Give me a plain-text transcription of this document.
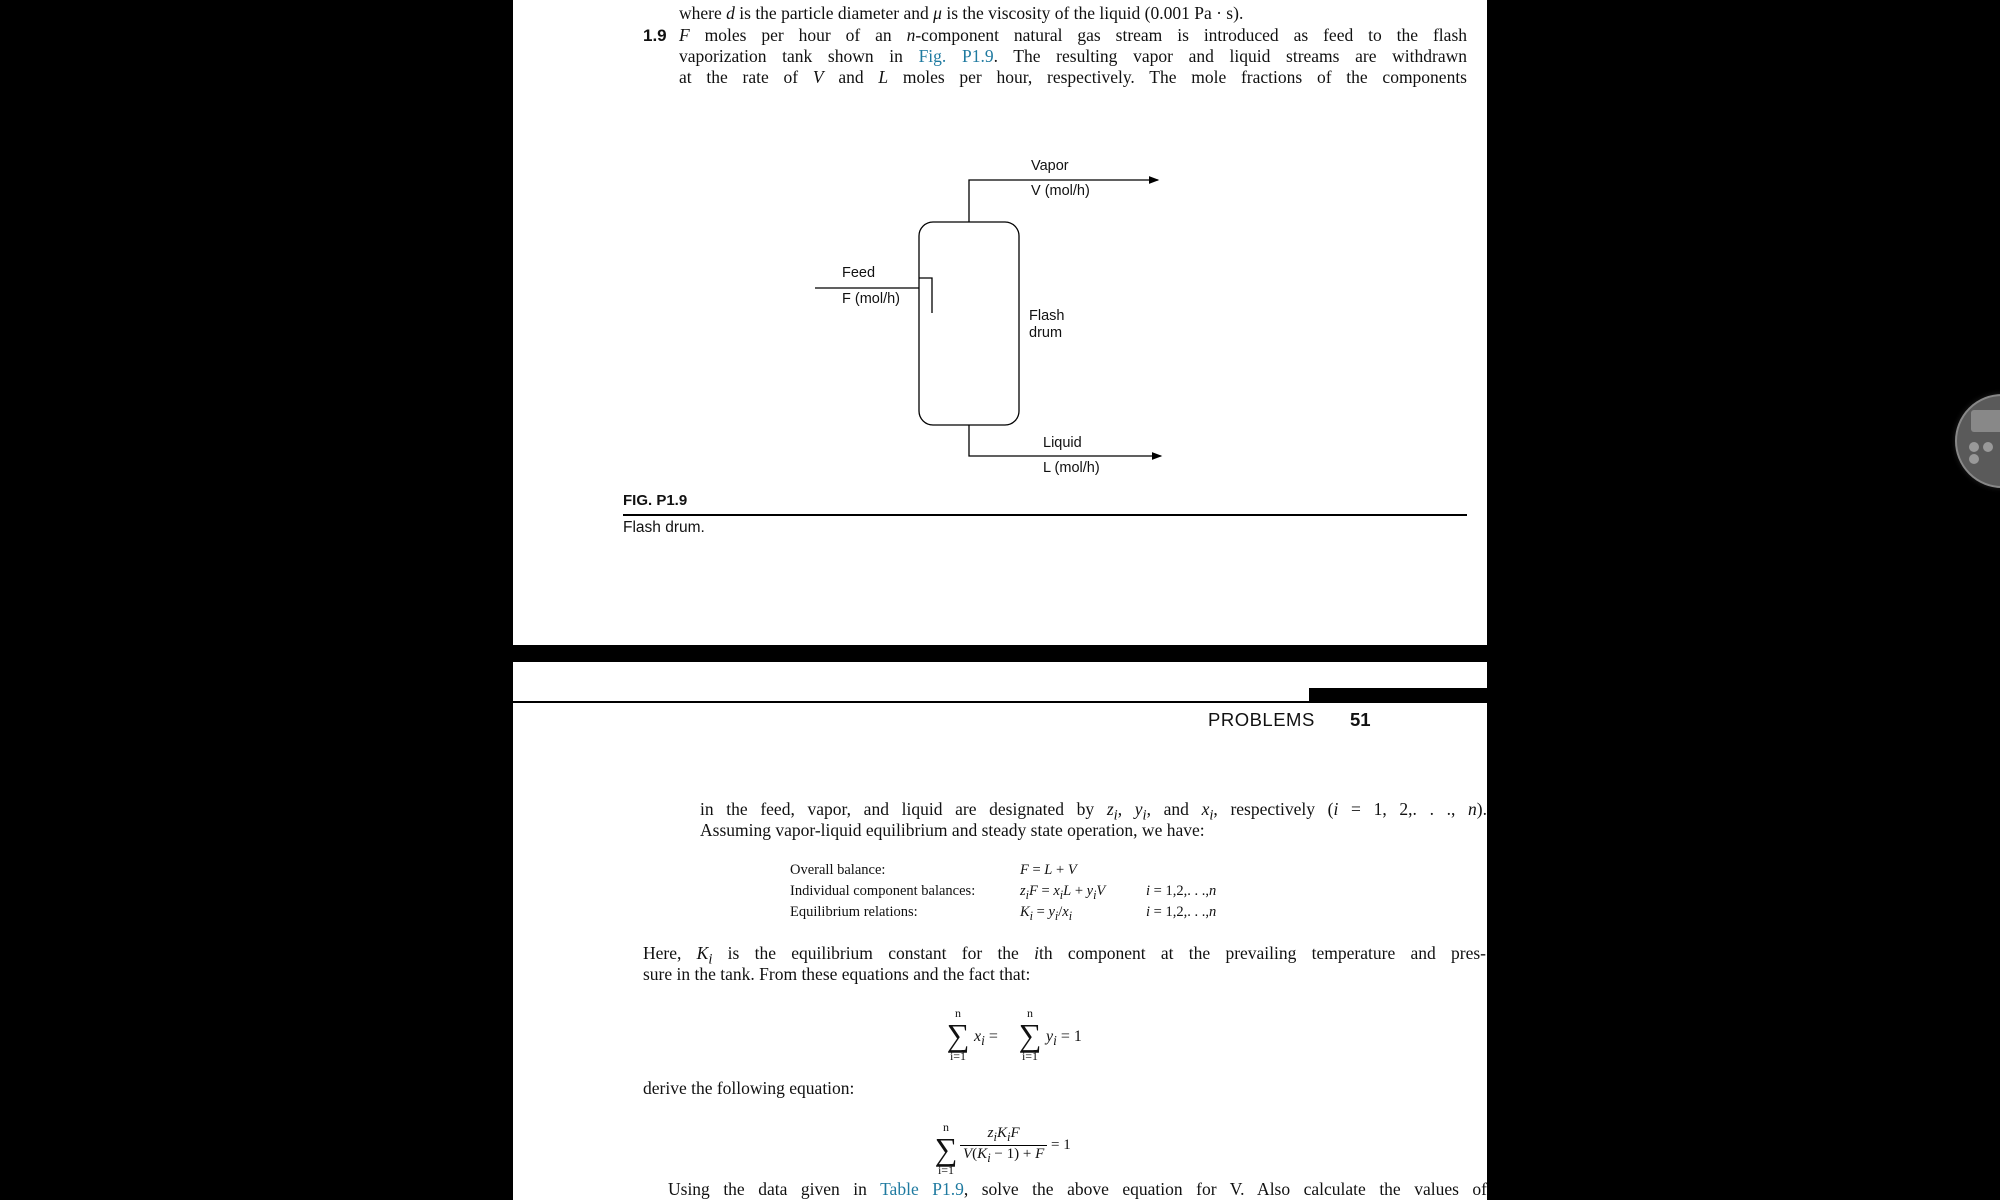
where d is the particle diameter and μ is the viscosity of the liquid (0.001 Pa · s).

1.9 F moles per hour of an n-component natural gas stream is introduced as feed to the flash

vaporization tank shown in Fig. P1.9. The resulting vapor and liquid streams are withdrawn

at the rate of V and L moles per hour, respectively. The mole fractions of the components

Vapor
V (mol/h)
Feed
F (mol/h)
Flash
drum
Liquid
L (mol/h)
FIG. P1.9
Flash drum.
PROBLEMS 51

in the feed, vapor, and liquid are designated by $z_i$, $y_i$, and $x_i$, respectively (i = 1, 2,. . ., n).

Assuming vapor-liquid equilibrium and steady state operation, we have:

Overall balance:	F = L + V
Individual component balances:	$z_iF = x_iL + y_iV$	i = 1,2,. . .,n
Equilibrium relations:	$K_i = y_i/x_i$	i = 1,2,. . .,n

Here, $K_i$ is the equilibrium constant for the ith component at the prevailing temperature and pres-

sure in the tank. From these equations and the fact that:

n
∑
i=1
$x_i$ =
n
∑
i=1
$y_i = 1$

derive the following equation:

n
∑
i=1
$\frac{z_iK_iF}{V(K_i - 1) + F} = 1$

Using the data given in Table P1.9, solve the above equation for V. Also calculate the values of
